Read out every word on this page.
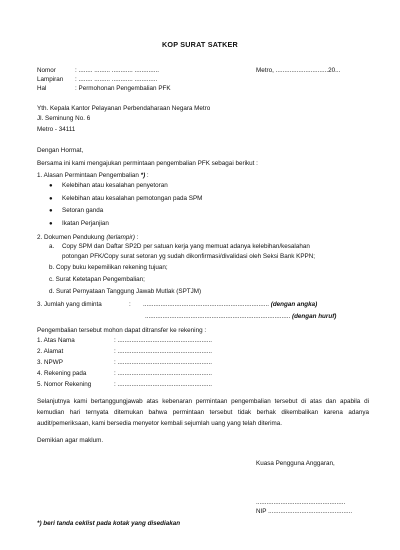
KOP SURAT SATKER
Nomor	: ........ ......... ............ ..............	Metro, ..............................20...
Lampiran : ........ ......... ............ .............
Hal	: Permohonan Pengembalian PFK
Yth. Kepala Kantor Pelayanan Perbendaharaan Negara Metro
Jl. Seminung No. 6
Metro - 34111
Dengan Hormat,
Bersama ini kami mengajukan permintaan pengembalian PFK sebagai berikut :
1. Alasan Permintaan Pengembalian *) :
● Kelebihan atau kesalahan penyetoran
● Kelebihan atau kesalahan pemotongan pada SPM
● Setoran ganda
● Ikatan Perjanjian
2. Dokumen Pendukung (terlampir) :
a. Copy SPM dan Daftar SP2D per satuan kerja yang memuat adanya kelebihan/kesalahan
potongan PFK/Copy surat setoran yg sudah dikonfirmasi/divalidasi oleh Seksi Bank KPPN;
b. Copy buku kepemilikan rekening tujuan;
c. Surat Ketetapan Pengembalian;
d. Surat Pernyataan Tanggung Jawab Mutlak (SPTJM)
3. Jumlah yang diminta	: ........................................................................ (dengan angka)
................................................................................... (dengan huruf)
Pengembalian tersebut mohon dapat ditransfer ke rekening :
1. Atas Nama	: ......................................................
2. Alamat	: ......................................................
3. NPWP	: ......................................................
4. Rekening pada	: ......................................................
5. Nomor Rekening	: ......................................................
Selanjutnya kami bertanggungjawab atas kebenaran permintaan pengembalian tersebut di atas dan apabila di kemudian hari ternyata ditemukan bahwa permintaan tersebut tidak berhak dikembalikan karena adanya audit/pemeriksaan, kami bersedia menyetor kembali sejumlah uang yang telah diterima.
Demikian agar maklum.
Kuasa Pengguna Anggaran,
...................................................
NIP ................................................
*) beri tanda ceklist pada kotak yang disediakan
